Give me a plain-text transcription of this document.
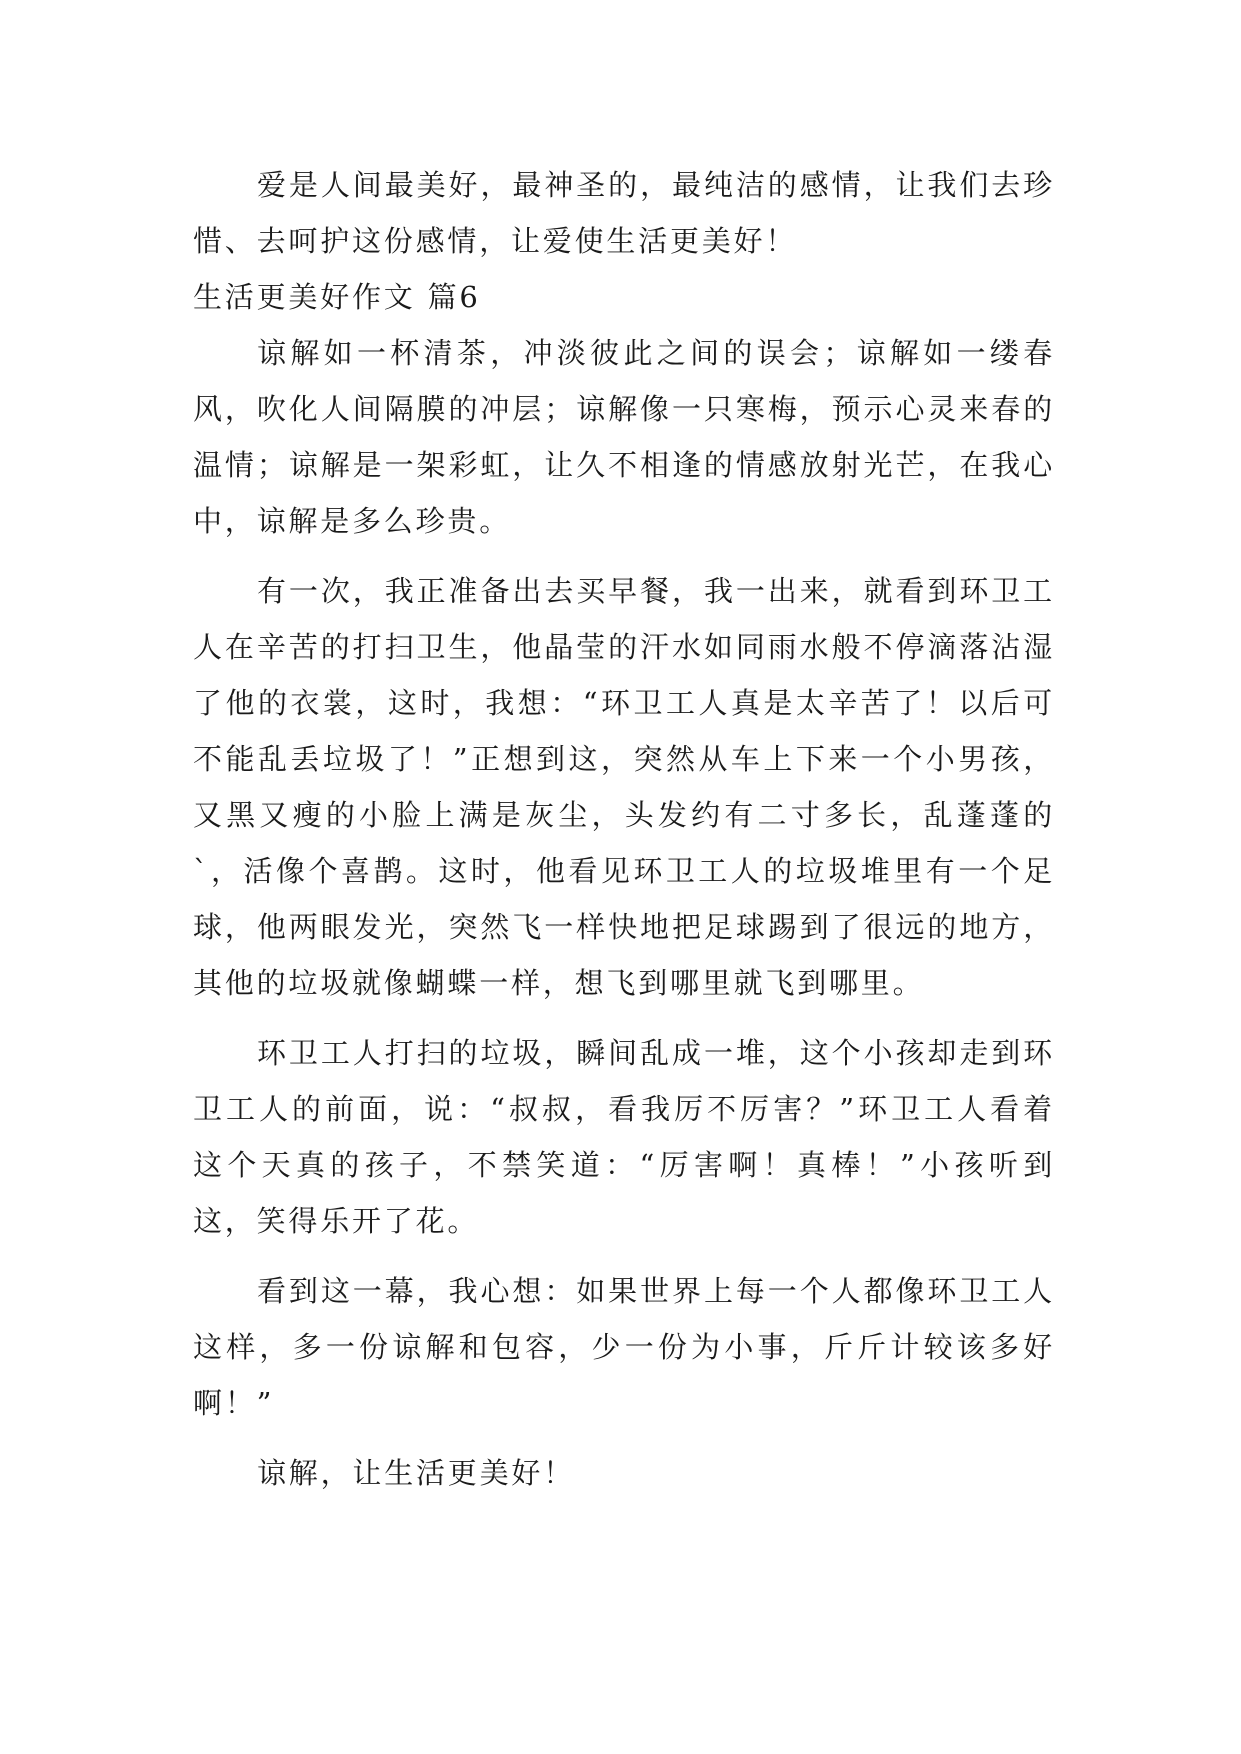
爱是人间最美好，最神圣的，最纯洁的感情，让我们去珍惜、去呵护这份感情，让爱使生活更美好！

生活更美好作文 篇6

谅解如一杯清茶，冲淡彼此之间的误会；谅解如一缕春风，吹化人间隔膜的冲层；谅解像一只寒梅，预示心灵来春的温情；谅解是一架彩虹，让久不相逢的情感放射光芒，在我心中，谅解是多么珍贵。

有一次，我正准备出去买早餐，我一出来，就看到环卫工人在辛苦的打扫卫生，他晶莹的汗水如同雨水般不停滴落沾湿了他的衣裳，这时，我想：“环卫工人真是太辛苦了！以后可不能乱丢垃圾了！”正想到这，突然从车上下来一个小男孩，又黑又瘦的小脸上满是灰尘，头发约有二寸多长，乱蓬蓬的`，活像个喜鹊。这时，他看见环卫工人的垃圾堆里有一个足球，他两眼发光，突然飞一样快地把足球踢到了很远的地方，其他的垃圾就像蝴蝶一样，想飞到哪里就飞到哪里。

环卫工人打扫的垃圾，瞬间乱成一堆，这个小孩却走到环卫工人的前面，说：“叔叔，看我厉不厉害？”环卫工人看着这个天真的孩子，不禁笑道：“厉害啊！真棒！”小孩听到这，笑得乐开了花。

看到这一幕，我心想：如果世界上每一个人都像环卫工人这样，多一份谅解和包容，少一份为小事，斤斤计较该多好啊！”

谅解，让生活更美好！
